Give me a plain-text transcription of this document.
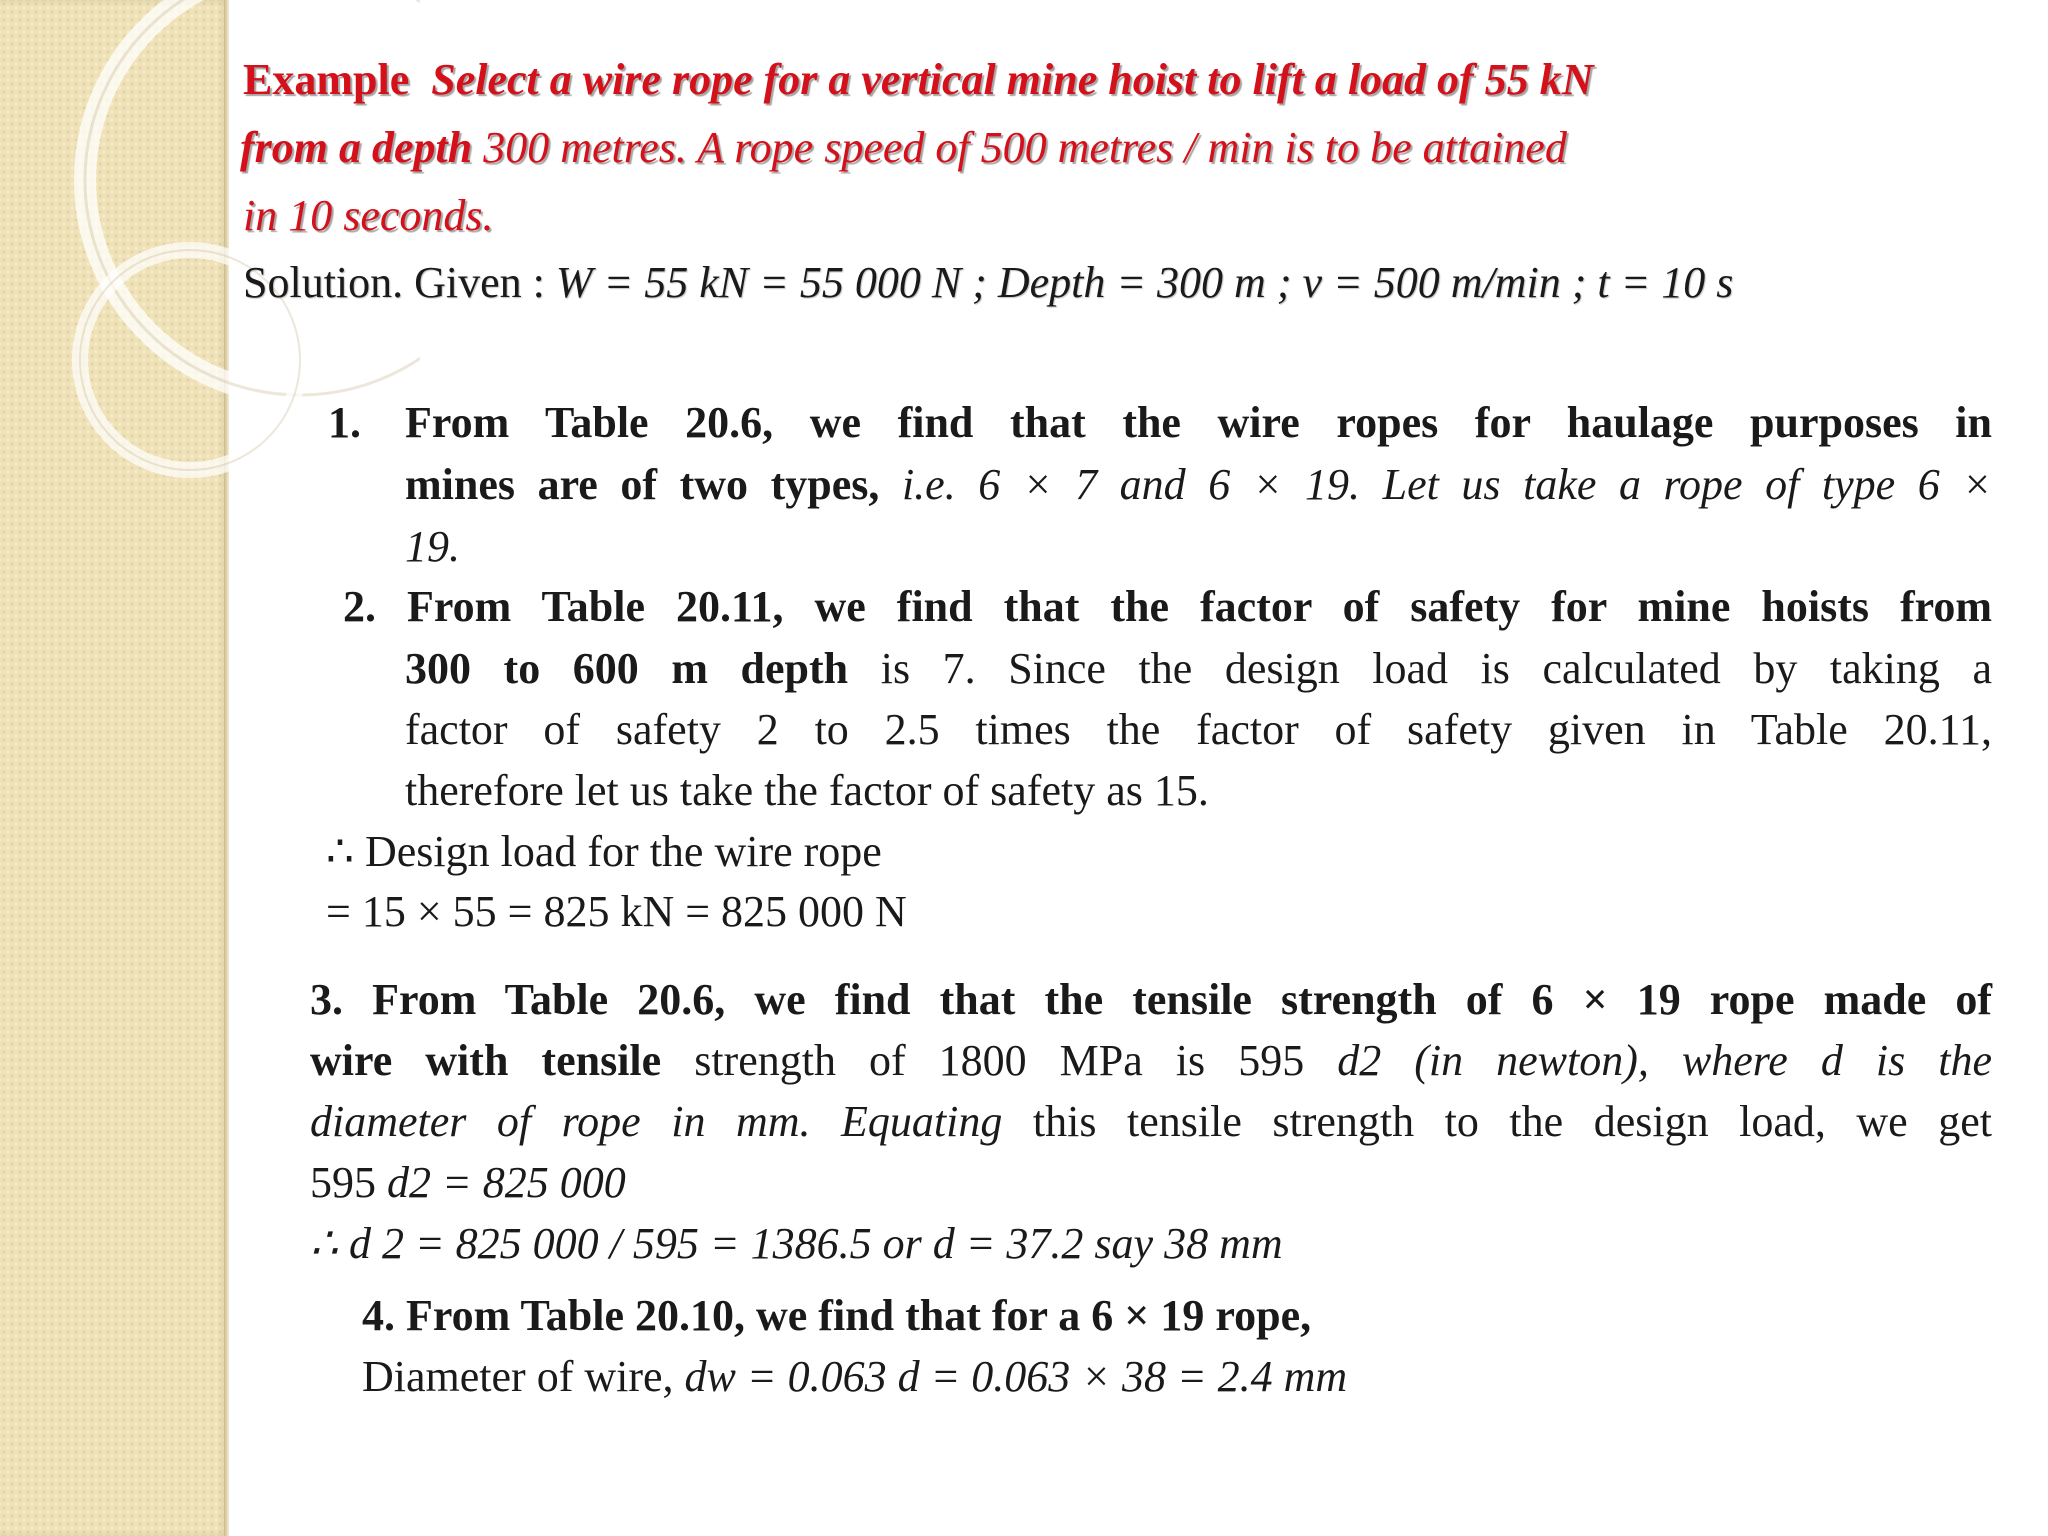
Example Select a wire rope for a vertical mine hoist to lift a load of 55 kN
from a depth 300 metres. A rope speed of 500 metres / min is to be attained
in 10 seconds.
Solution. Given : W = 55 kN = 55 000 N ; Depth = 300 m ; v = 500 m/min ; t = 10 s
1. From Table 20.6, we find that the wire ropes for haulage purposes in
mines are of two types, i.e. 6 × 7 and 6 × 19. Let us take a rope of type 6 ×
19.
2. From Table 20.11, we find that the factor of safety for mine hoists from
300 to 600 m depth is 7. Since the design load is calculated by taking a
factor of safety 2 to 2.5 times the factor of safety given in Table 20.11,
therefore let us take the factor of safety as 15.
∴ Design load for the wire rope
= 15 × 55 = 825 kN = 825 000 N
3. From Table 20.6, we find that the tensile strength of 6 × 19 rope made of
wire with tensile strength of 1800 MPa is 595 d2 (in newton), where d is the
diameter of rope in mm. Equating this tensile strength to the design load, we get
595 d2 = 825 000
∴ d 2 = 825 000 / 595 = 1386.5 or d = 37.2 say 38 mm
4. From Table 20.10, we find that for a 6 × 19 rope,
Diameter of wire, dw = 0.063 d = 0.063 × 38 = 2.4 mm
